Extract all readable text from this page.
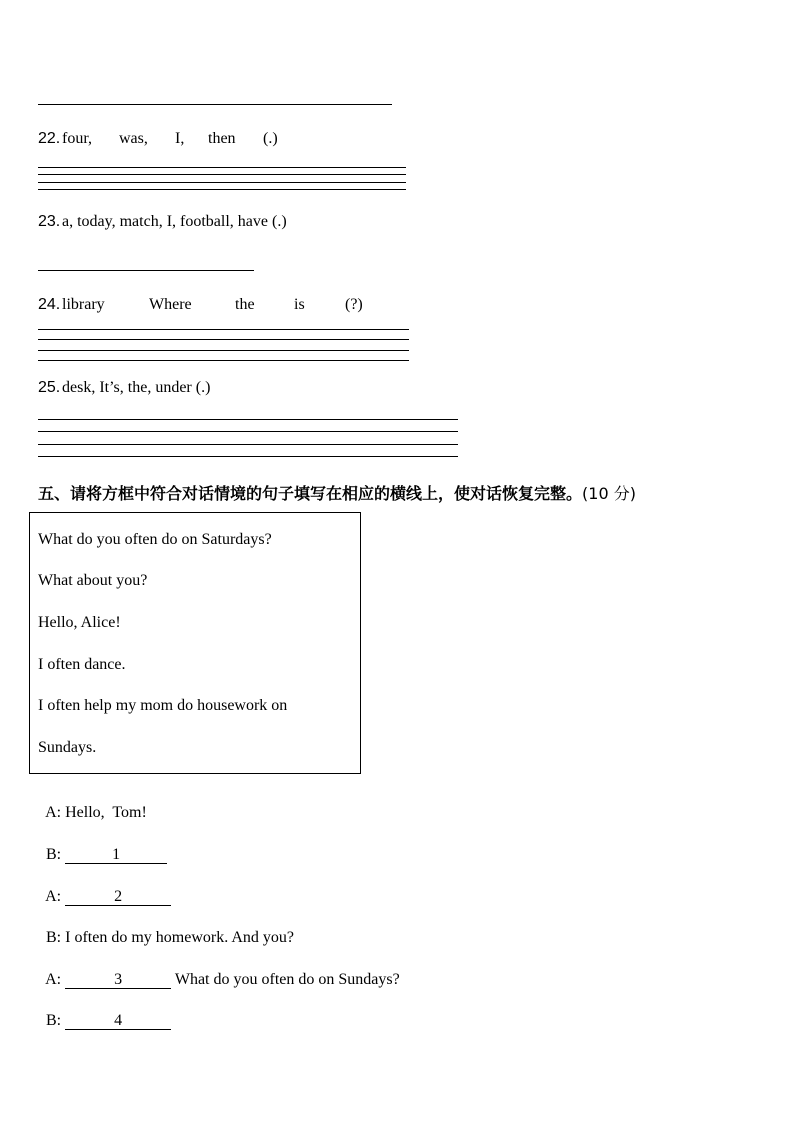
22. four, was, I, then (.)
23. a, today, match, I, football, have (.)
24. library	Where	the is	(?)
25. desk, It’s, the, under (.)
五、请将方框中符合对话情境的句子填写在相应的横线上，使对话恢复完整。(10 分)
What do you often do on Saturdays?
What about you?
Hello, Alice!
I often dance.
I often help my mom do housework on
Sundays.

A: Hello,  Tom!

B:	1

A:	2

B: I often do my homework. And you?

A:	3	What do you often do on Sundays?

B:	4
